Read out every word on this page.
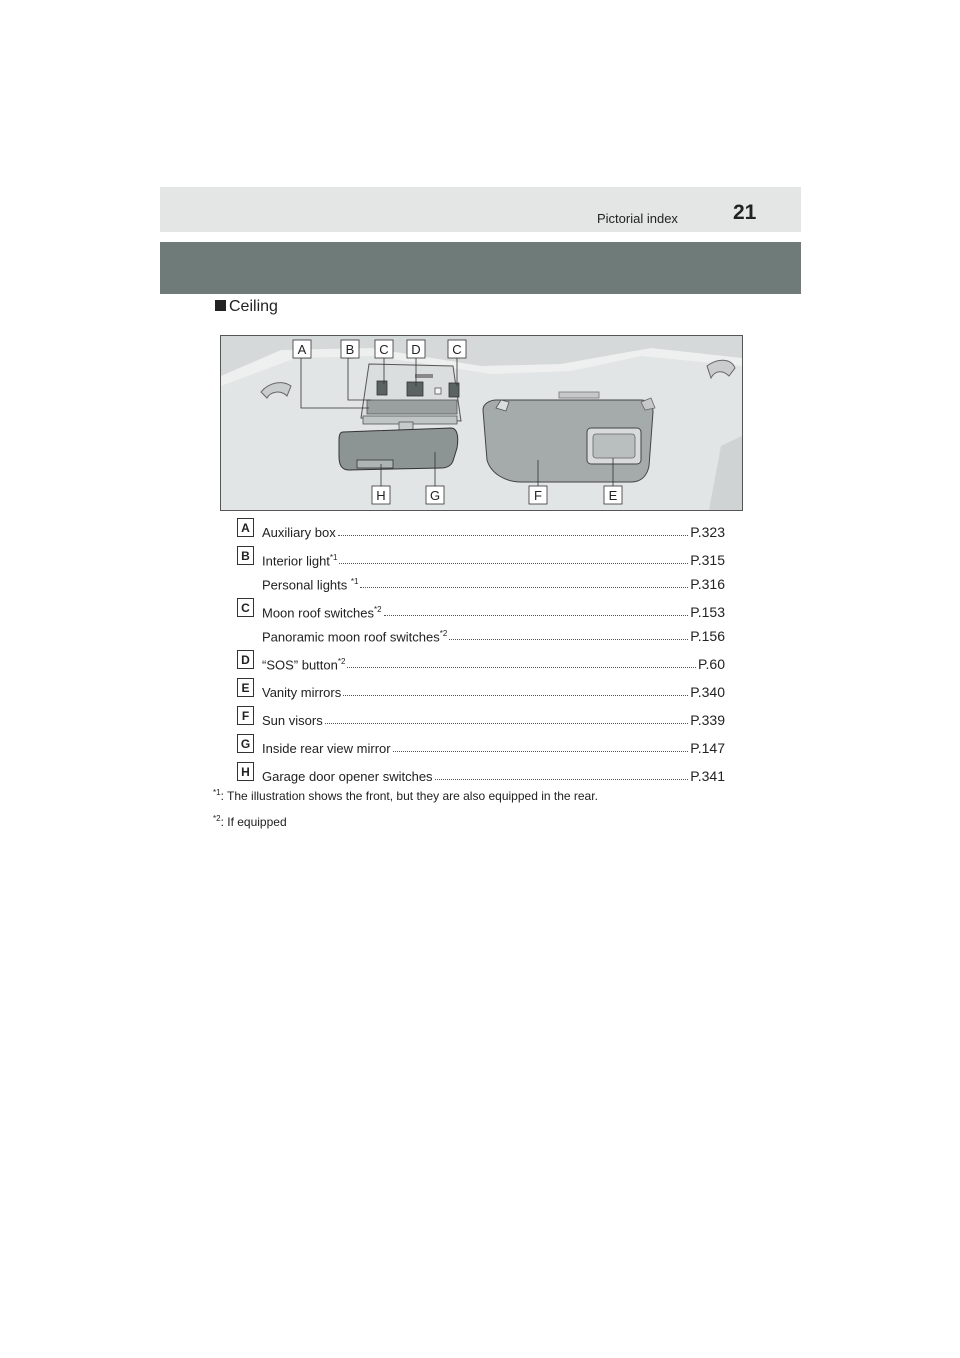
Pictorial index	21
Ceiling
A	B C D C
H	G	F	E
A Auxiliary box	P.323
B Interior light$^{*1}$	P.315
Personal lights $^{*1}$	P.316
C Moon roof switches$^{*2}$	P.153
Panoramic moon roof switches$^{*2}$	P.156
D “SOS” button$^{*2}$	P.60
E Vanity mirrors	P.340
F Sun visors	P.339
G Inside rear view mirror	P.147
H Garage door opener switches	P.341
$^{*1}$: The illustration shows the front, but they are also equipped in the rear.
$^{*2}$: If equipped
